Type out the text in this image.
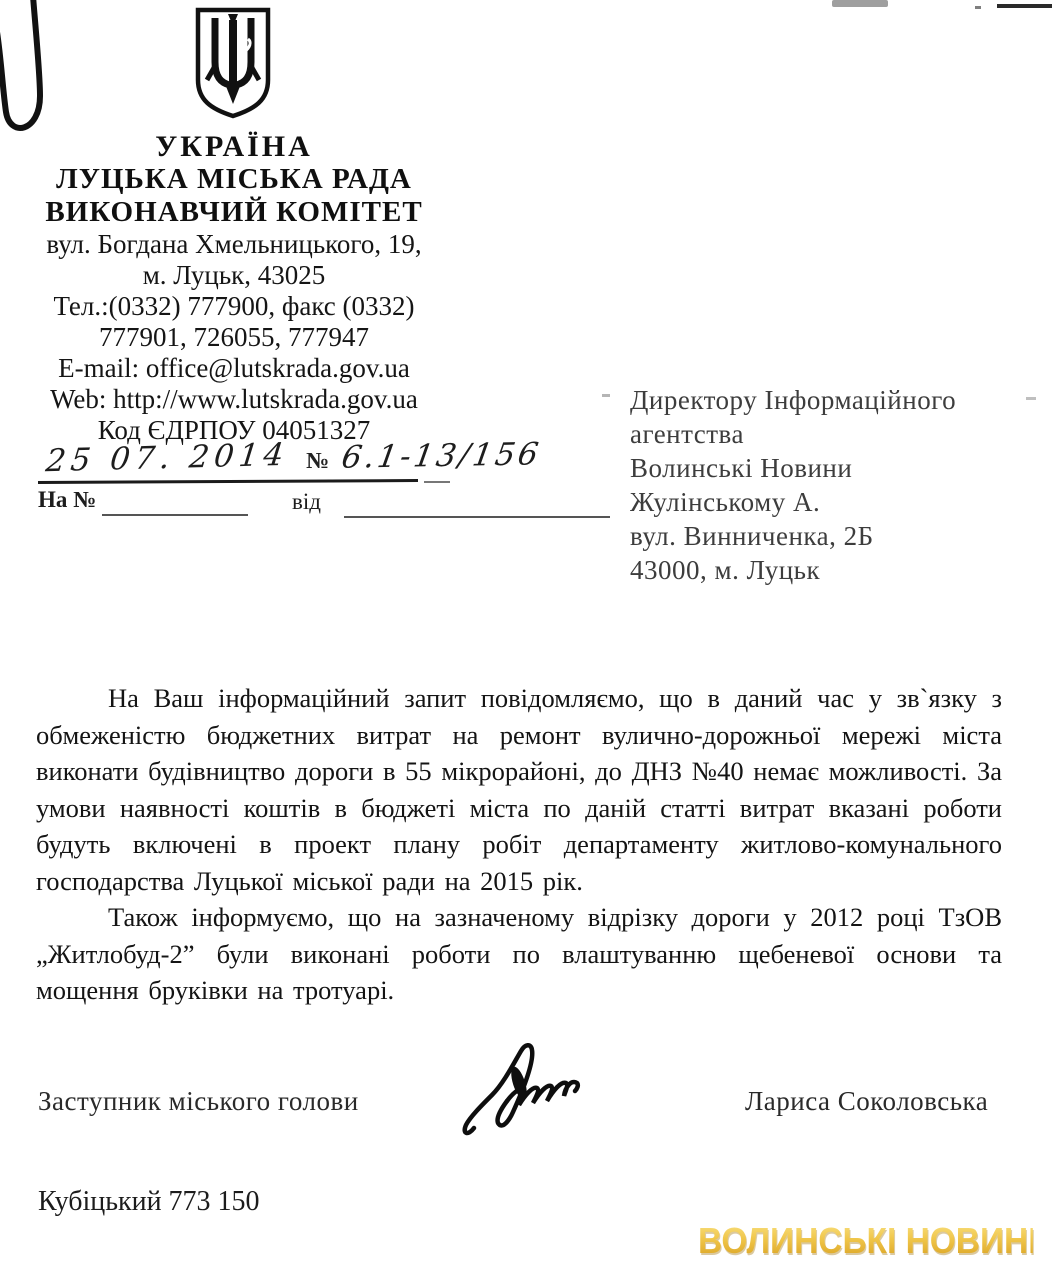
УКРАЇНА
ЛУЦЬКА МІСЬКА РАДА
ВИКОНАВЧИЙ КОМІТЕТ
вул. Богдана Хмельницького, 19,
м. Луцьк, 43025
Тел.:(0332) 777900, факс (0332)
777901, 726055, 777947
E-mail: office@lutskrada.gov.ua
Web: http://www.lutskrada.gov.ua
Код ЄДРПОУ 04051327
25 07. 2014 № 6.1-13/156
На №	від
Директору Інформаційного
агентства
Волинські Новини
Жулінському А.
вул. Винниченка, 2Б
43000, м. Луцьк

На Ваш інформаційний запит повідомляємо, що в даний час у зв`язку з обмеженістю бюджетних витрат на ремонт вулично-дорожньої мережі міста виконати будівництво дороги в 55 мікрорайоні, до ДНЗ №40 немає можливості. За умови наявності коштів в бюджеті міста по даній статті витрат вказані роботи будуть включені в проект плану робіт департаменту житлово-комунального господарства Луцької міської ради на 2015 рік.

Також інформуємо, що на зазначеному відрізку дороги у 2012 році ТзОВ „Житлобуд-2” були виконані роботи по влаштуванню щебеневої основи та мощення бруківки на тротуарі.

Заступник міського голови	Лариса Соколовська
Кубіцький 773 150
ВОЛИНСЬКІ НОВИНИ
